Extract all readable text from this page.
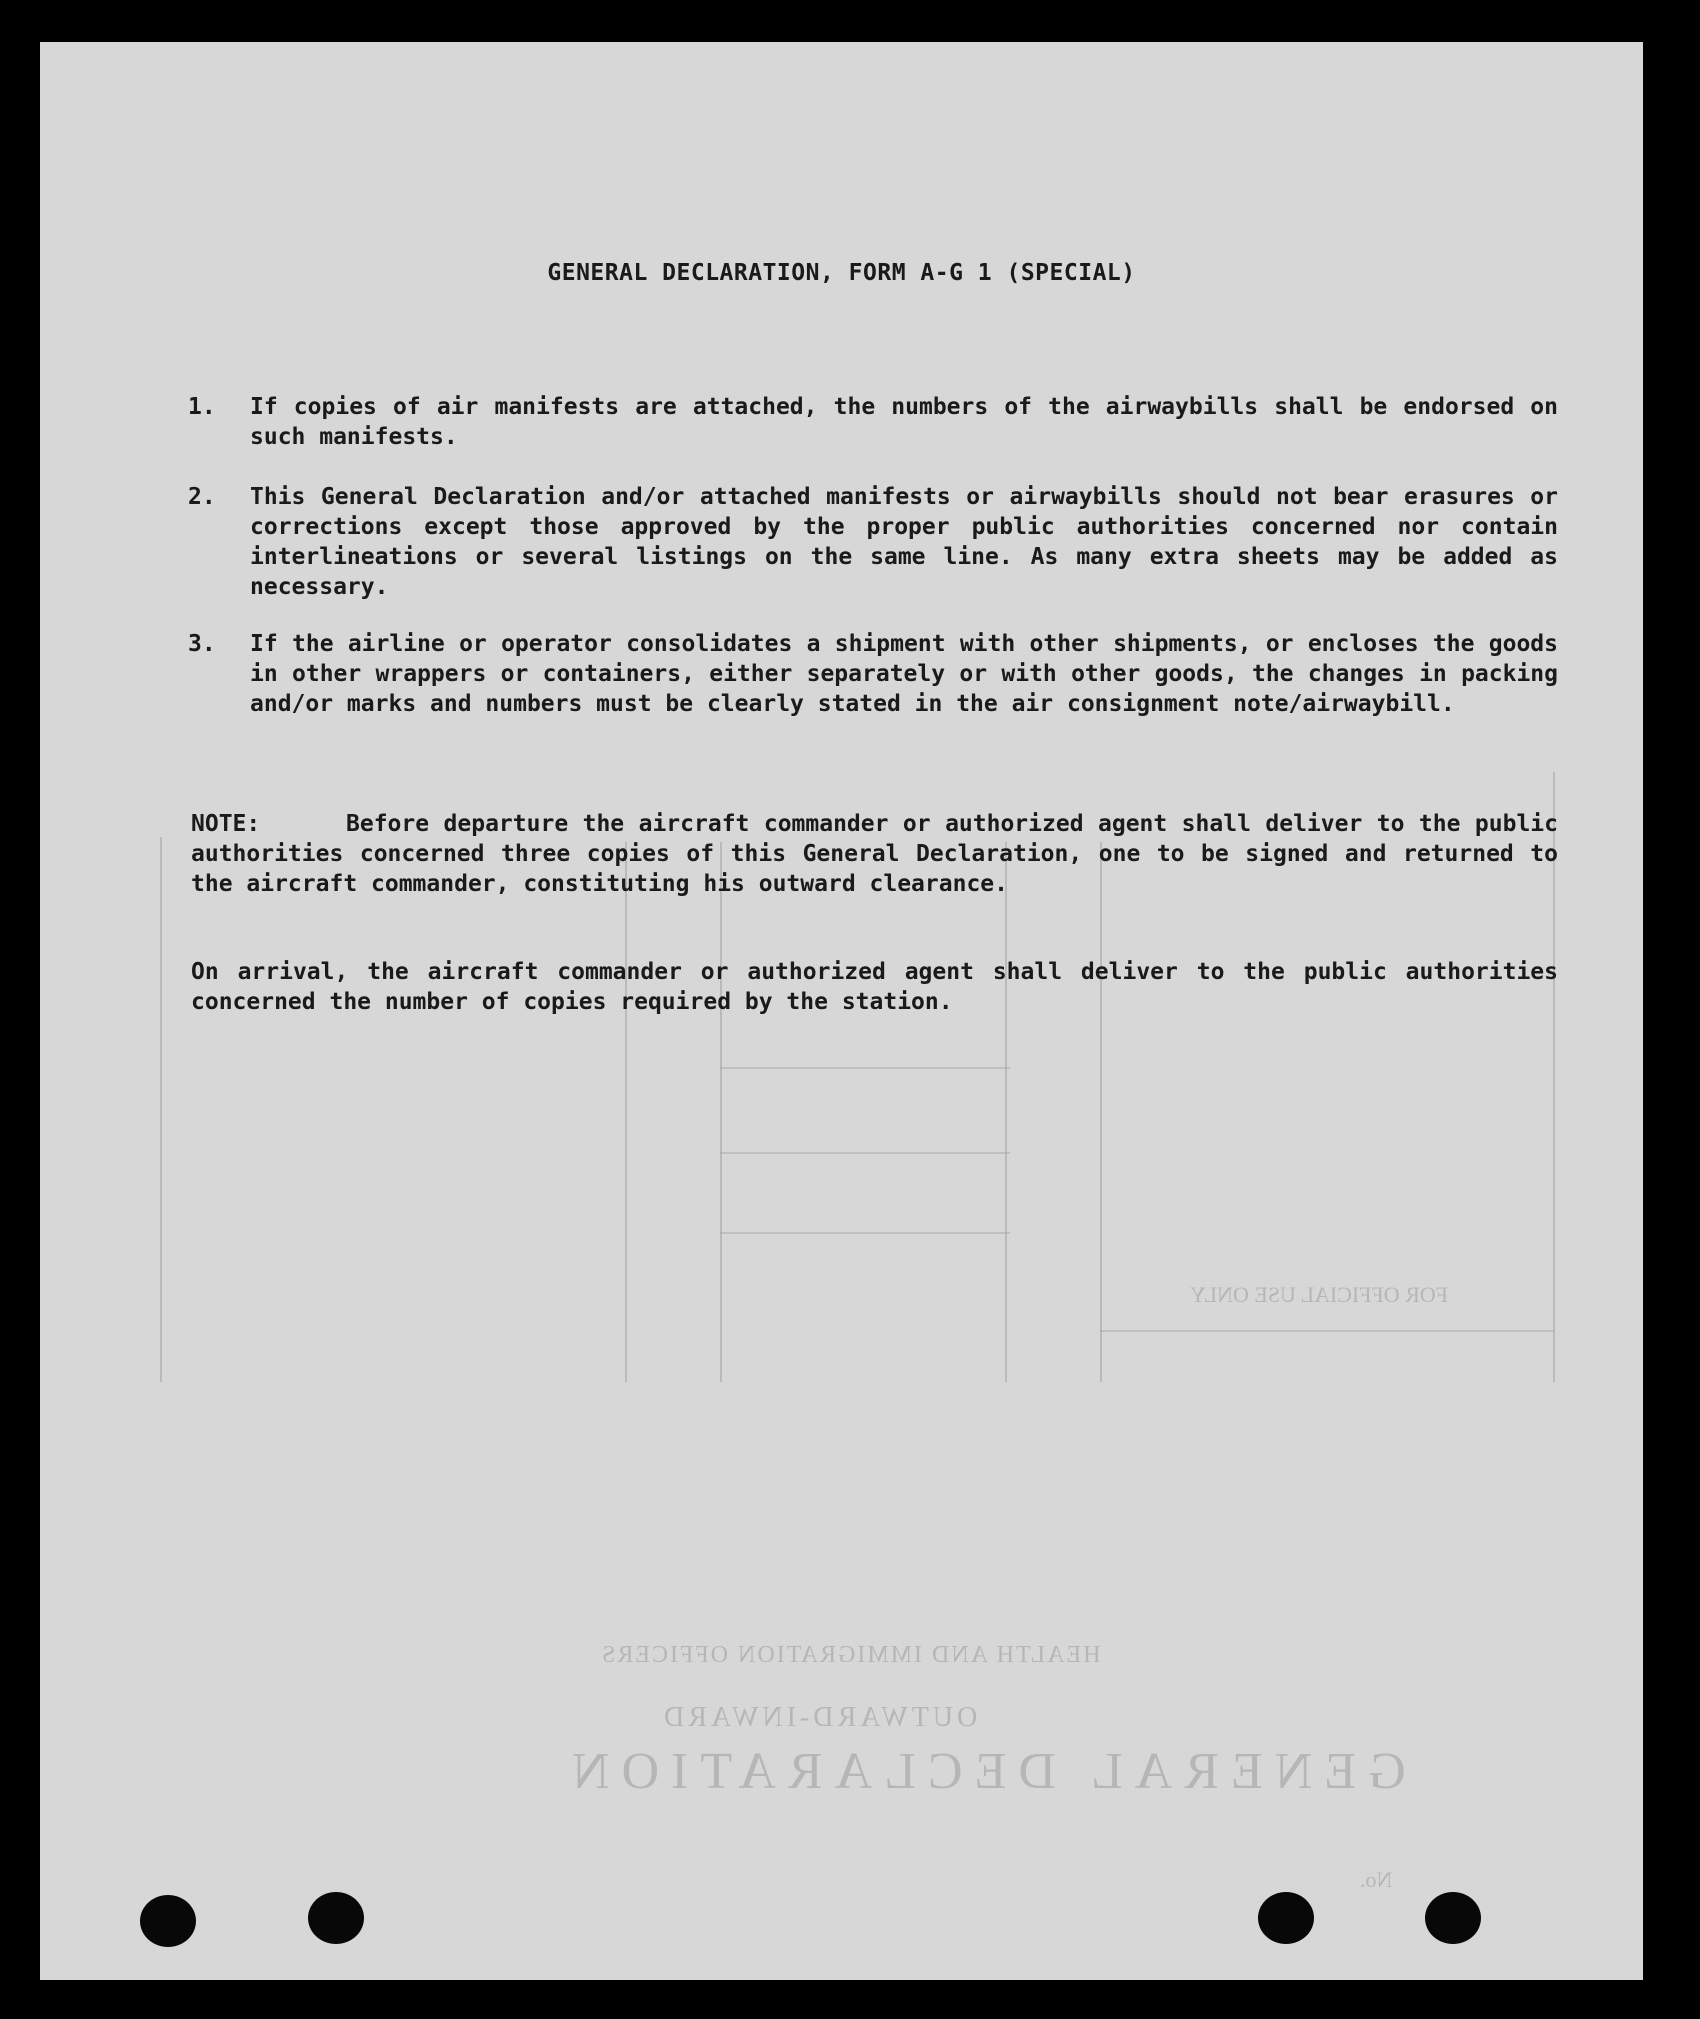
GENERAL DECLARATION
OUTWARD-INWARD
HEALTH AND IMMIGRATION OFFICERS
FOR OFFICIAL USE ONLY
No.
GENERAL DECLARATION, FORM A-G 1 (SPECIAL)
1. If copies of air manifests are attached, the numbers of the airwaybills shall be endorsed on such manifests.
2. This General Declaration and/or attached manifests or airwaybills should not bear erasures or corrections except those approved by the proper public authorities concerned nor contain interlineations or several listings on the same line. As many extra sheets may be added as necessary.
3. If the airline or operator consolidates a shipment with other shipments, or encloses the goods in other wrappers or containers, either separately or with other goods, the changes in packing and/or marks and numbers must be clearly stated in the air consignment note/airwaybill.
NOTE:	Before departure the aircraft commander or authorized agent shall deliver to the public authorities concerned three copies of this General Declaration, one to be signed and returned to the aircraft commander, constituting his outward clearance.
On arrival, the aircraft commander or authorized agent shall deliver to the public authorities concerned the number of copies required by the station.
